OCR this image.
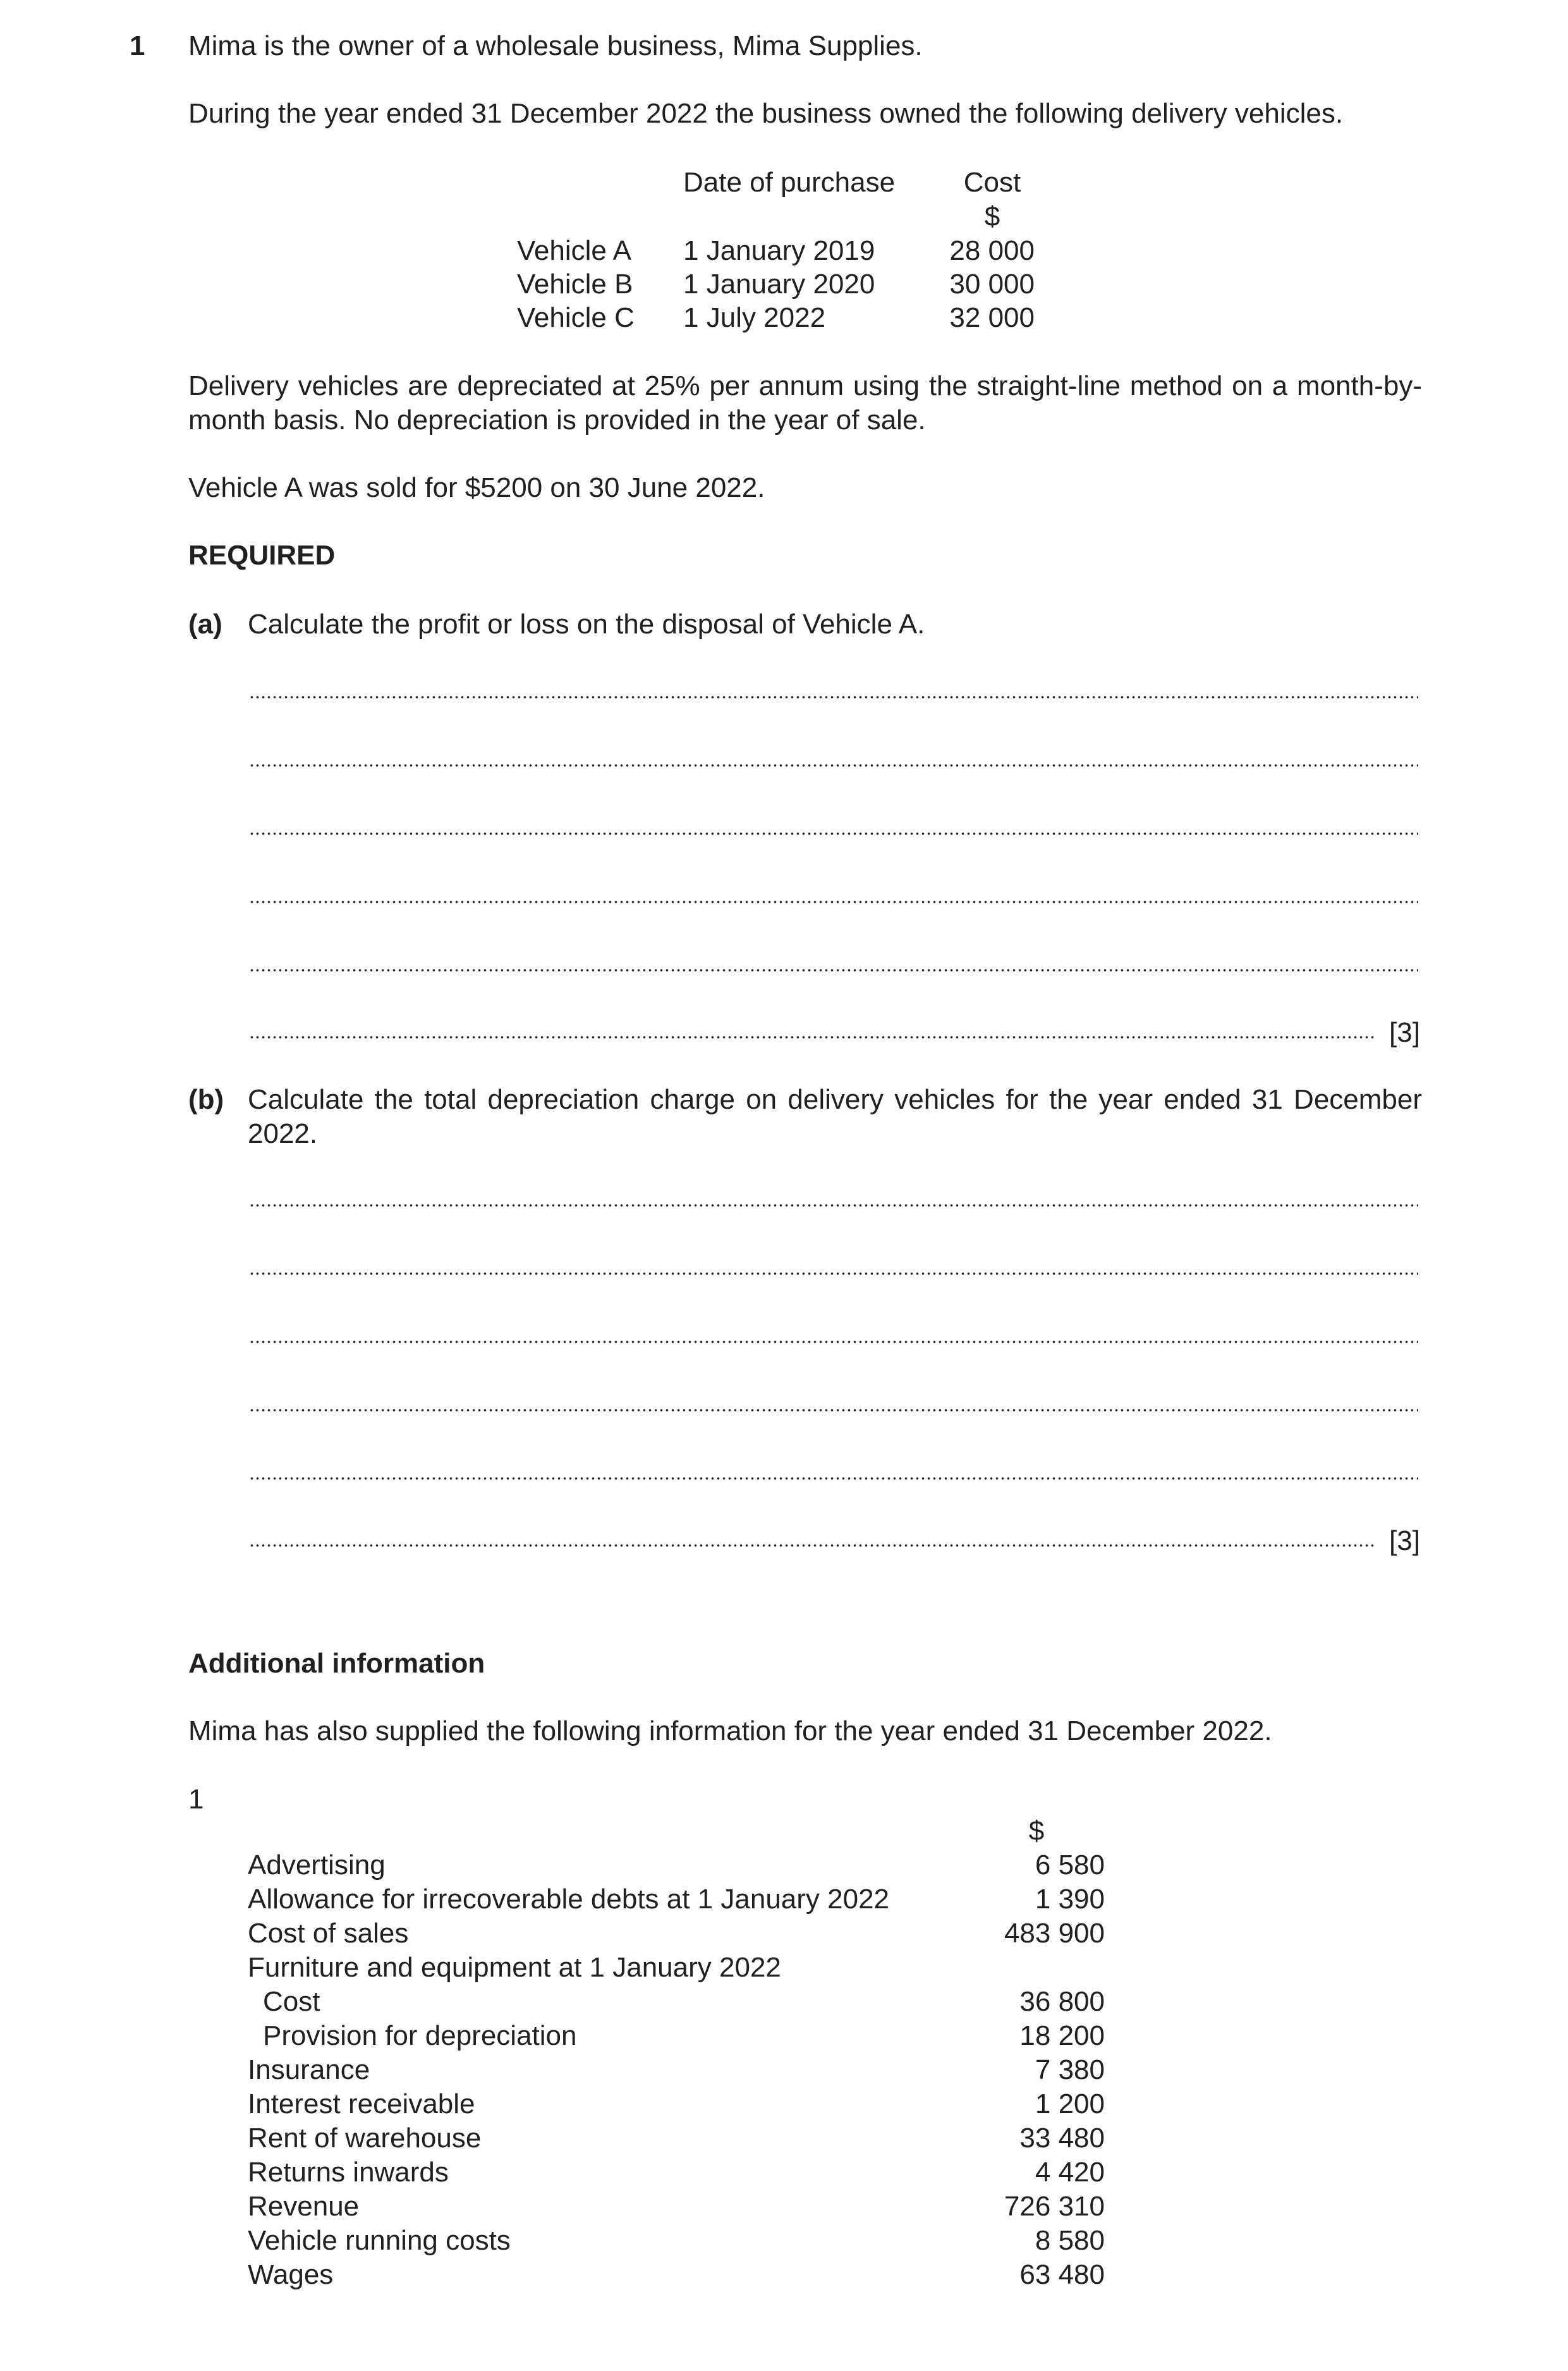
1 Mima is the owner of a wholesale business, Mima Supplies.
During the year ended 31 December 2022 the business owned the following delivery vehicles.
Date of purchase	Cost
$
Vehicle A 1 January 2019	28 000
Vehicle B 1 January 2020	30 000
Vehicle C 1 July 2022	32 000
Delivery vehicles are depreciated at 25% per annum using the straight-line method on a month-by-month basis. No depreciation is provided in the year of sale.
Vehicle A was sold for $5200 on 30 June 2022.
REQUIRED
(a) Calculate the profit or loss on the disposal of Vehicle A.
[3]
(b) Calculate the total depreciation charge on delivery vehicles for the year ended 31 December 2022.
[3]
Additional information
Mima has also supplied the following information for the year ended 31 December 2022.
1
$
Advertising	6 580
Allowance for irrecoverable debts at 1 January 2022	1 390
Cost of sales	483 900
Furniture and equipment at 1 January 2022
Cost	36 800
Provision for depreciation	18 200
Insurance	7 380
Interest receivable	1 200
Rent of warehouse	33 480
Returns inwards	4 420
Revenue	726 310
Vehicle running costs	8 580
Wages	63 480
